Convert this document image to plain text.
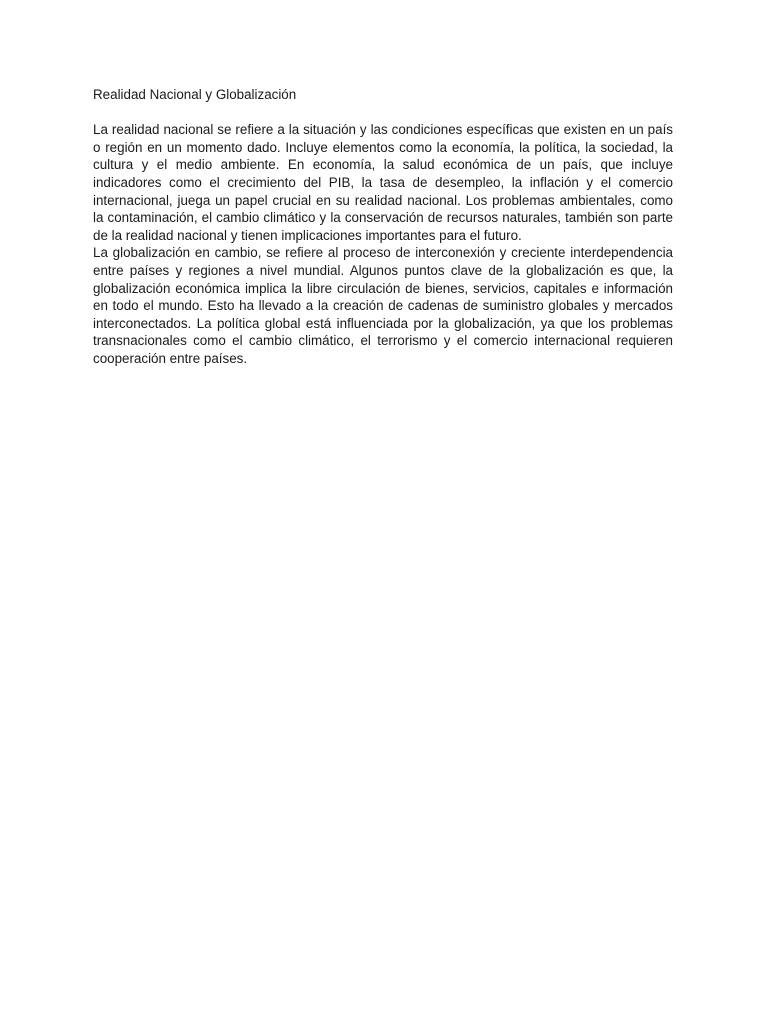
Realidad Nacional y Globalización

La realidad nacional se refiere a la situación y las condiciones específicas que existen en un país o región en un momento dado. Incluye elementos como la economía, la política, la sociedad, la cultura y el medio ambiente. En economía, la salud económica de un país, que incluye indicadores como el crecimiento del PIB, la tasa de desempleo, la inflación y el comercio internacional, juega un papel crucial en su realidad nacional. Los problemas ambientales, como la contaminación, el cambio climático y la conservación de recursos naturales, también son parte de la realidad nacional y tienen implicaciones importantes para el futuro.

La globalización en cambio, se refiere al proceso de interconexión y creciente interdependencia entre países y regiones a nivel mundial. Algunos puntos clave de la globalización es que, la globalización económica implica la libre circulación de bienes, servicios, capitales e información en todo el mundo. Esto ha llevado a la creación de cadenas de suministro globales y mercados interconectados. La política global está influenciada por la globalización, ya que los problemas transnacionales como el cambio climático, el terrorismo y el comercio internacional requieren cooperación entre países.
